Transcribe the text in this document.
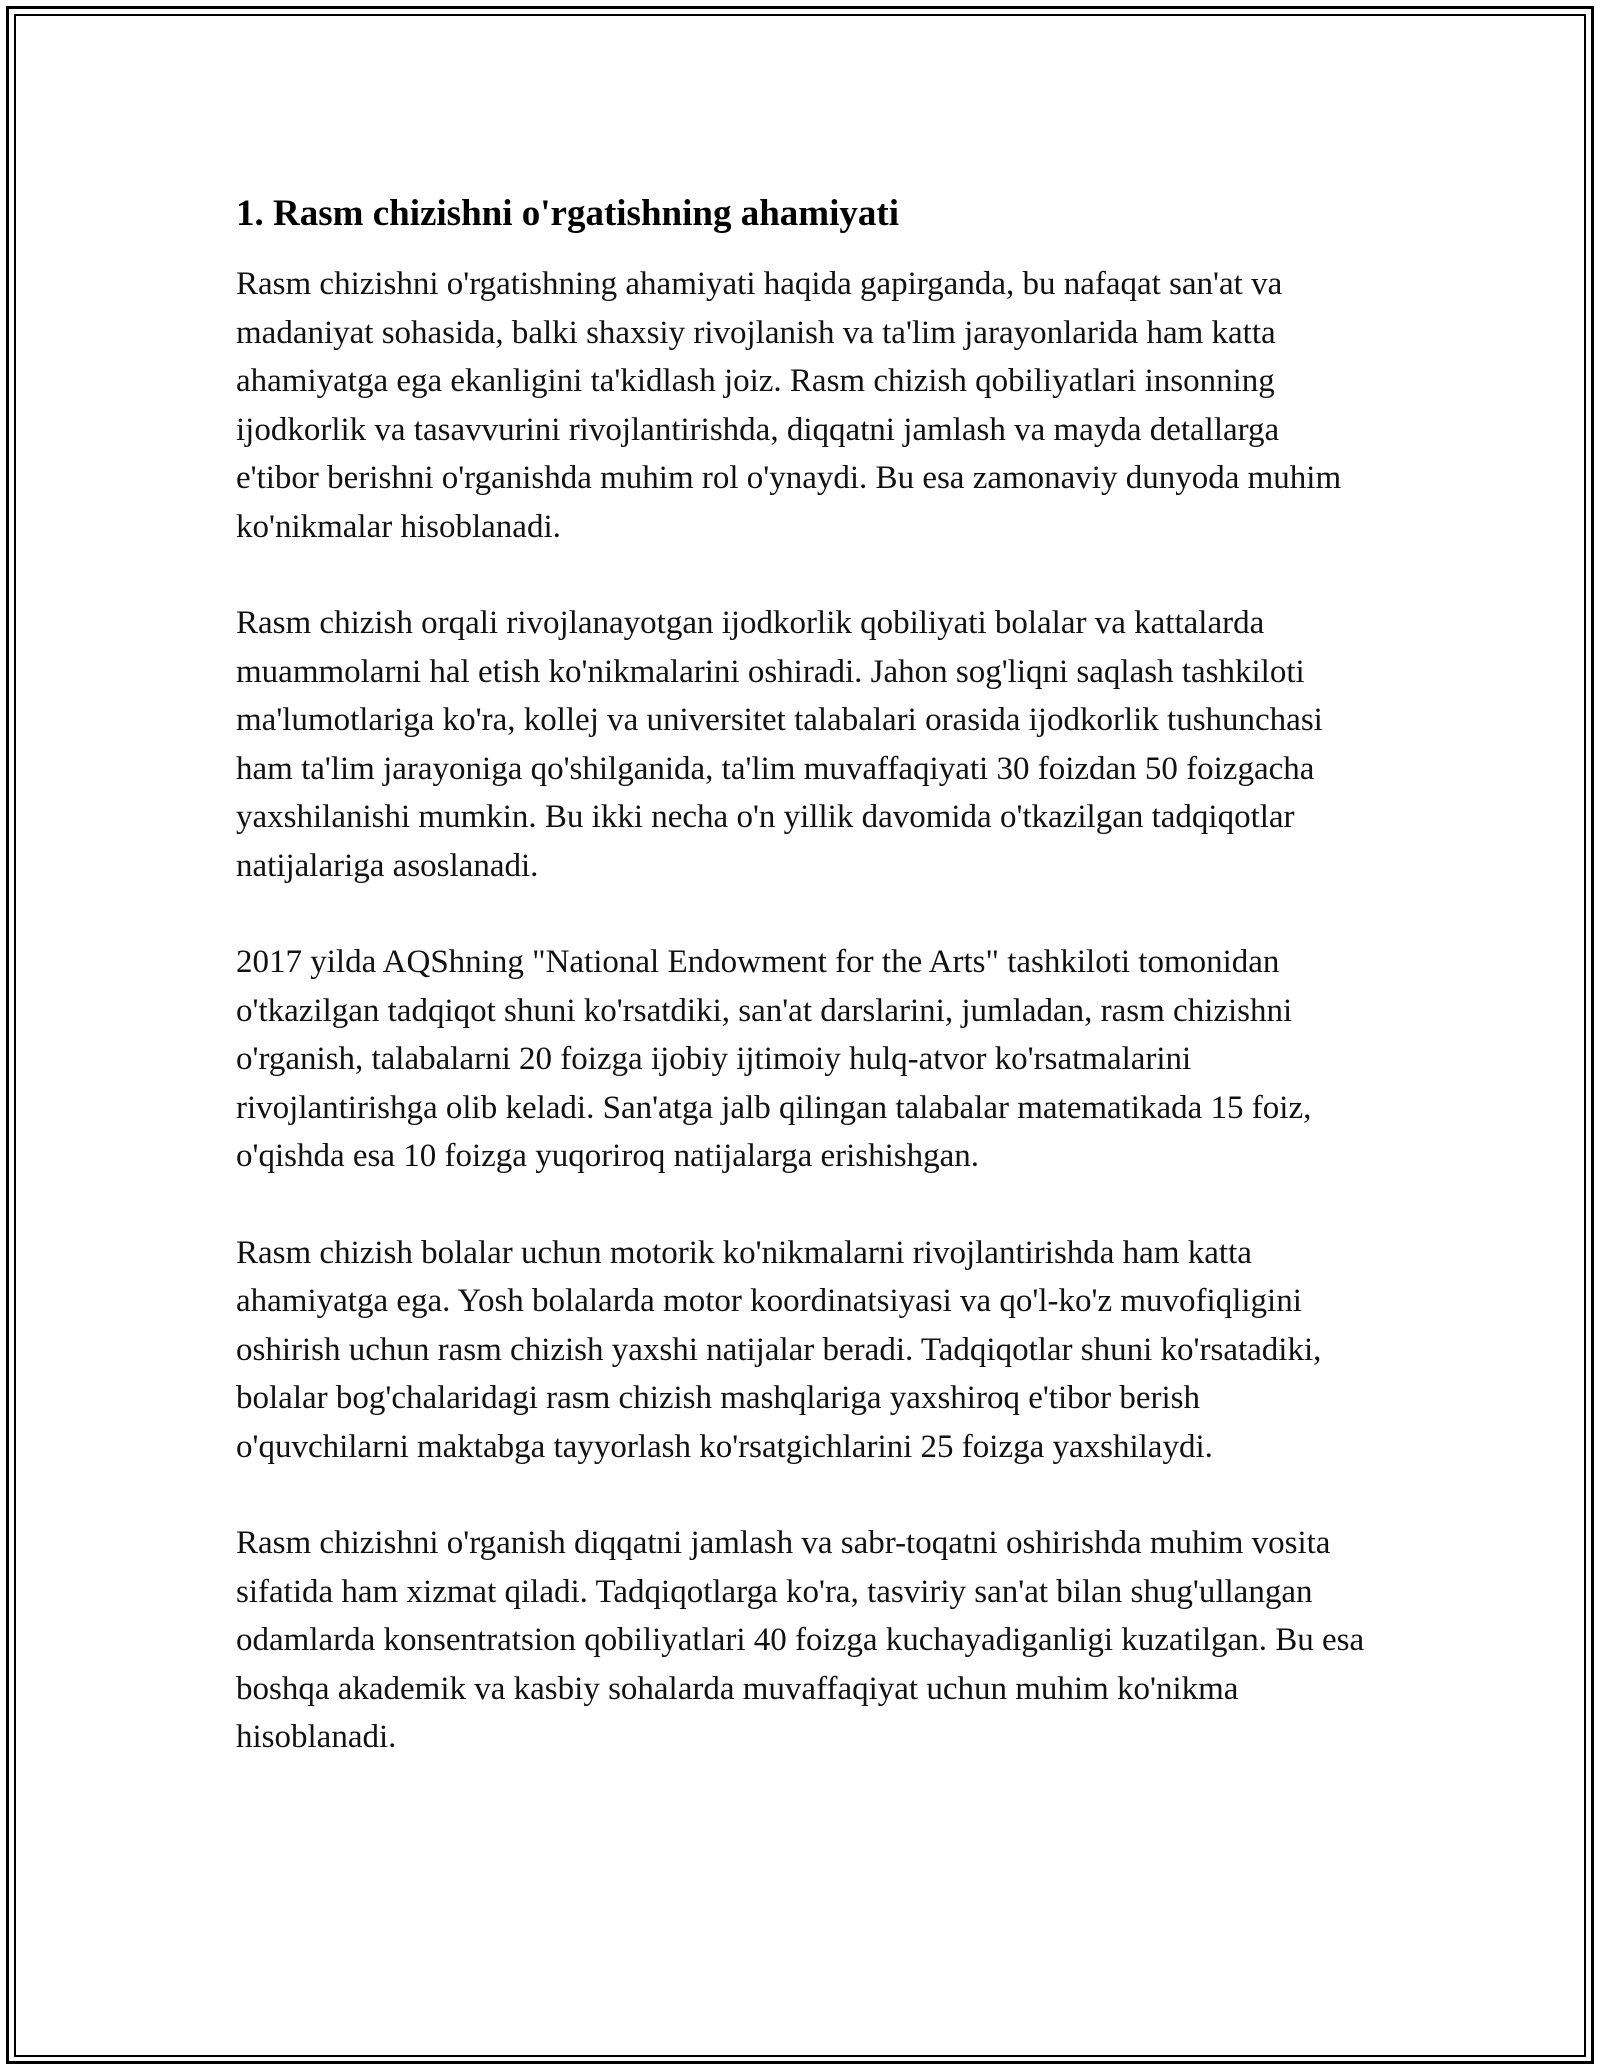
1. Rasm chizishni o'rgatishning ahamiyati

Rasm chizishni o'rgatishning ahamiyati haqida gapirganda, bu nafaqat san'at va madaniyat sohasida, balki shaxsiy rivojlanish va ta'lim jarayonlarida ham katta ahamiyatga ega ekanligini ta'kidlash joiz. Rasm chizish qobiliyatlari insonning ijodkorlik va tasavvurini rivojlantirishda, diqqatni jamlash va mayda detallarga e'tibor berishni o'rganishda muhim rol o'ynaydi. Bu esa zamonaviy dunyoda muhim ko'nikmalar hisoblanadi.

Rasm chizish orqali rivojlanayotgan ijodkorlik qobiliyati bolalar va kattalarda muammolarni hal etish ko'nikmalarini oshiradi. Jahon sog'liqni saqlash tashkiloti ma'lumotlariga ko'ra, kollej va universitet talabalari orasida ijodkorlik tushunchasi ham ta'lim jarayoniga qo'shilganida, ta'lim muvaffaqiyati 30 foizdan 50 foizgacha yaxshilanishi mumkin. Bu ikki necha o'n yillik davomida o'tkazilgan tadqiqotlar natijalariga asoslanadi.

2017 yilda AQShning "National Endowment for the Arts" tashkiloti tomonidan o'tkazilgan tadqiqot shuni ko'rsatdiki, san'at darslarini, jumladan, rasm chizishni o'rganish, talabalarni 20 foizga ijobiy ijtimoiy hulq-atvor ko'rsatmalarini rivojlantirishga olib keladi. San'atga jalb qilingan talabalar matematikada 15 foiz, o'qishda esa 10 foizga yuqoriroq natijalarga erishishgan.

Rasm chizish bolalar uchun motorik ko'nikmalarni rivojlantirishda ham katta ahamiyatga ega. Yosh bolalarda motor koordinatsiyasi va qo'l-ko'z muvofiqligini oshirish uchun rasm chizish yaxshi natijalar beradi. Tadqiqotlar shuni ko'rsatadiki, bolalar bog'chalaridagi rasm chizish mashqlariga yaxshiroq e'tibor berish o'quvchilarni maktabga tayyorlash ko'rsatgichlarini 25 foizga yaxshilaydi.

Rasm chizishni o'rganish diqqatni jamlash va sabr-toqatni oshirishda muhim vosita sifatida ham xizmat qiladi. Tadqiqotlarga ko'ra, tasviriy san'at bilan shug'ullangan odamlarda konsentratsion qobiliyatlari 40 foizga kuchayadiganligi kuzatilgan. Bu esa boshqa akademik va kasbiy sohalarda muvaffaqiyat uchun muhim ko'nikma hisoblanadi.
